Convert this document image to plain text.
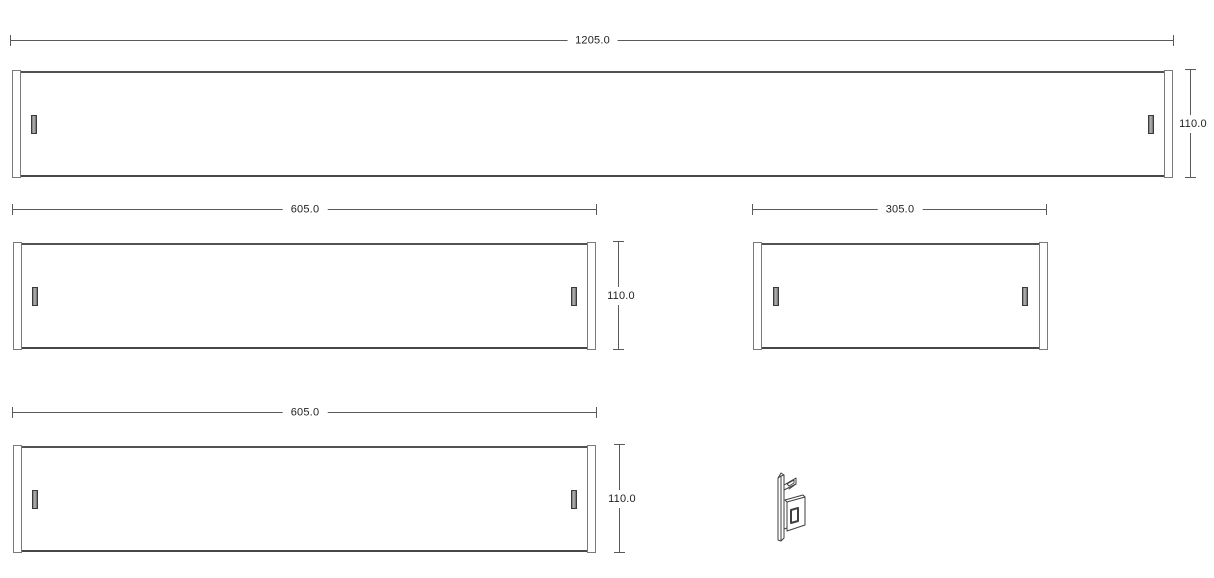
1205.0
110.0
605.0
110.0
305.0
605.0
110.0
